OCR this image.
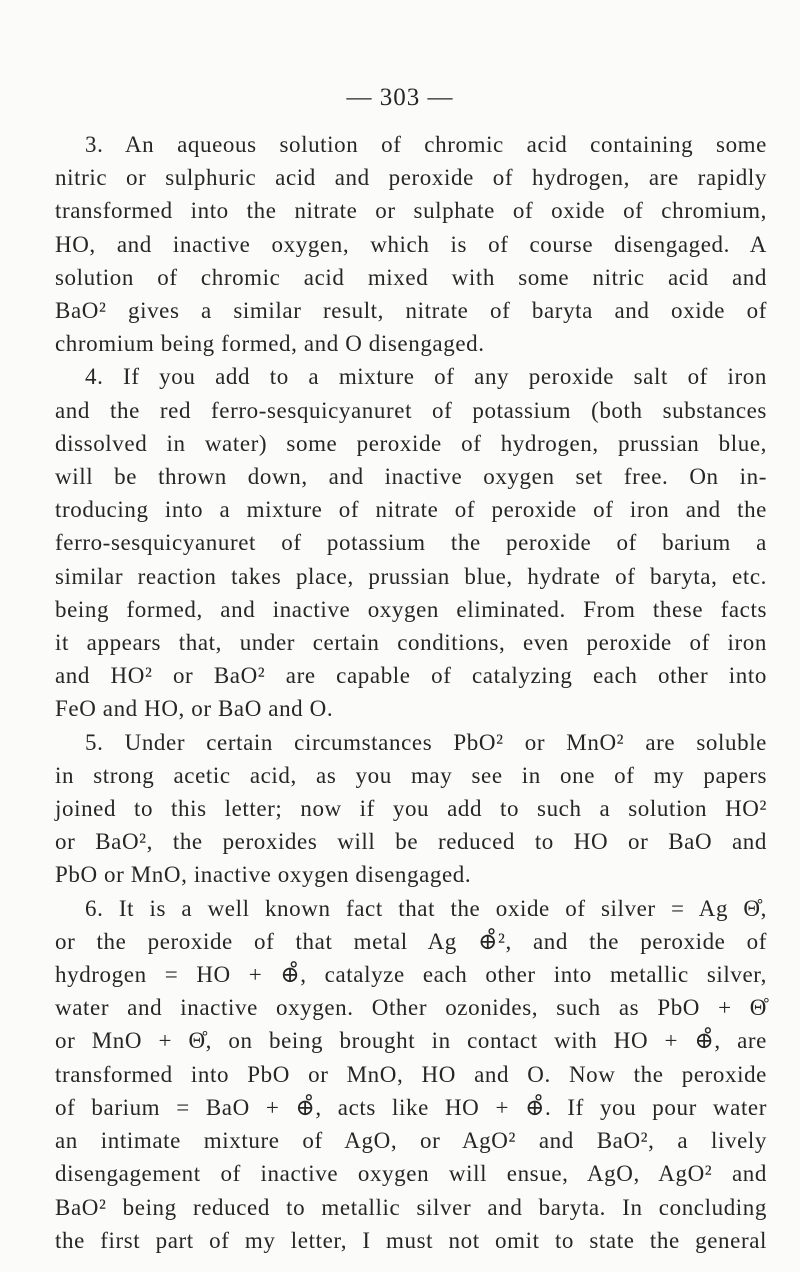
— 303 —
3. An aqueous solution of chromic acid containing some
nitric or sulphuric acid and peroxide of hydrogen, are rapidly
transformed into the nitrate or sulphate of oxide of chromium,
HO, and inactive oxygen, which is of course disengaged. A
solution of chromic acid mixed with some nitric acid and
BaO² gives a similar result, nitrate of baryta and oxide of
chromium being formed, and O disengaged.
4. If you add to a mixture of any peroxide salt of iron
and the red ferro-sesquicyanuret of potassium (both substances
dissolved in water) some peroxide of hydrogen, prussian blue,
will be thrown down, and inactive oxygen set free. On in-
troducing into a mixture of nitrate of peroxide of iron and the
ferro-sesquicyanuret of potassium the peroxide of barium a
similar reaction takes place, prussian blue, hydrate of baryta, etc.
being formed, and inactive oxygen eliminated. From these facts
it appears that, under certain conditions, even peroxide of iron
and HO² or BaO² are capable of catalyzing each other into
FeO and HO, or BaO and O.
5. Under certain circumstances PbO² or MnO² are soluble
in strong acetic acid, as you may see in one of my papers
joined to this letter; now if you add to such a solution HO²
or BaO², the peroxides will be reduced to HO or BaO and
PbO or MnO, inactive oxygen disengaged.
6. It is a well known fact that the oxide of silver = Ag Θ̊,
or the peroxide of that metal Ag ⊕̊², and the peroxide of
hydrogen = HO + ⊕̊, catalyze each other into metallic silver,
water and inactive oxygen. Other ozonides, such as PbO + Θ̊
or MnO + Θ̊, on being brought in contact with HO + ⊕̊, are
transformed into PbO or MnO, HO and O. Now the peroxide
of barium = BaO + ⊕̊, acts like HO + ⊕̊. If you pour water
an intimate mixture of AgO, or AgO² and BaO², a lively
disengagement of inactive oxygen will ensue, AgO, AgO² and
BaO² being reduced to metallic silver and baryta. In concluding
the first part of my letter, I must not omit to state the general
